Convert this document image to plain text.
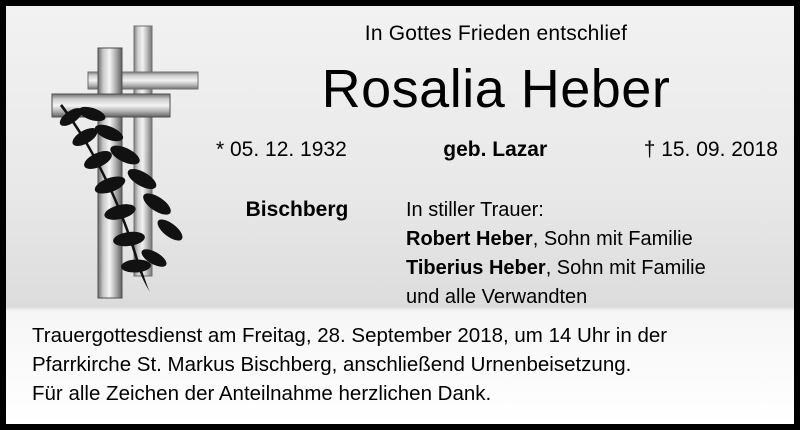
In Gottes Frieden entschlief
Rosalia Heber
* 05. 12. 1932	geb. Lazar	† 15. 09. 2018
Bischberg	In stiller Trauer:
Robert Heber, Sohn mit Familie
Tiberius Heber, Sohn mit Familie
und alle Verwandten
Trauergottesdienst am Freitag, 28. September 2018, um 14 Uhr in der
Pfarrkirche St. Markus Bischberg, anschließend Urnenbeisetzung.
Für alle Zeichen der Anteilnahme herzlichen Dank.
